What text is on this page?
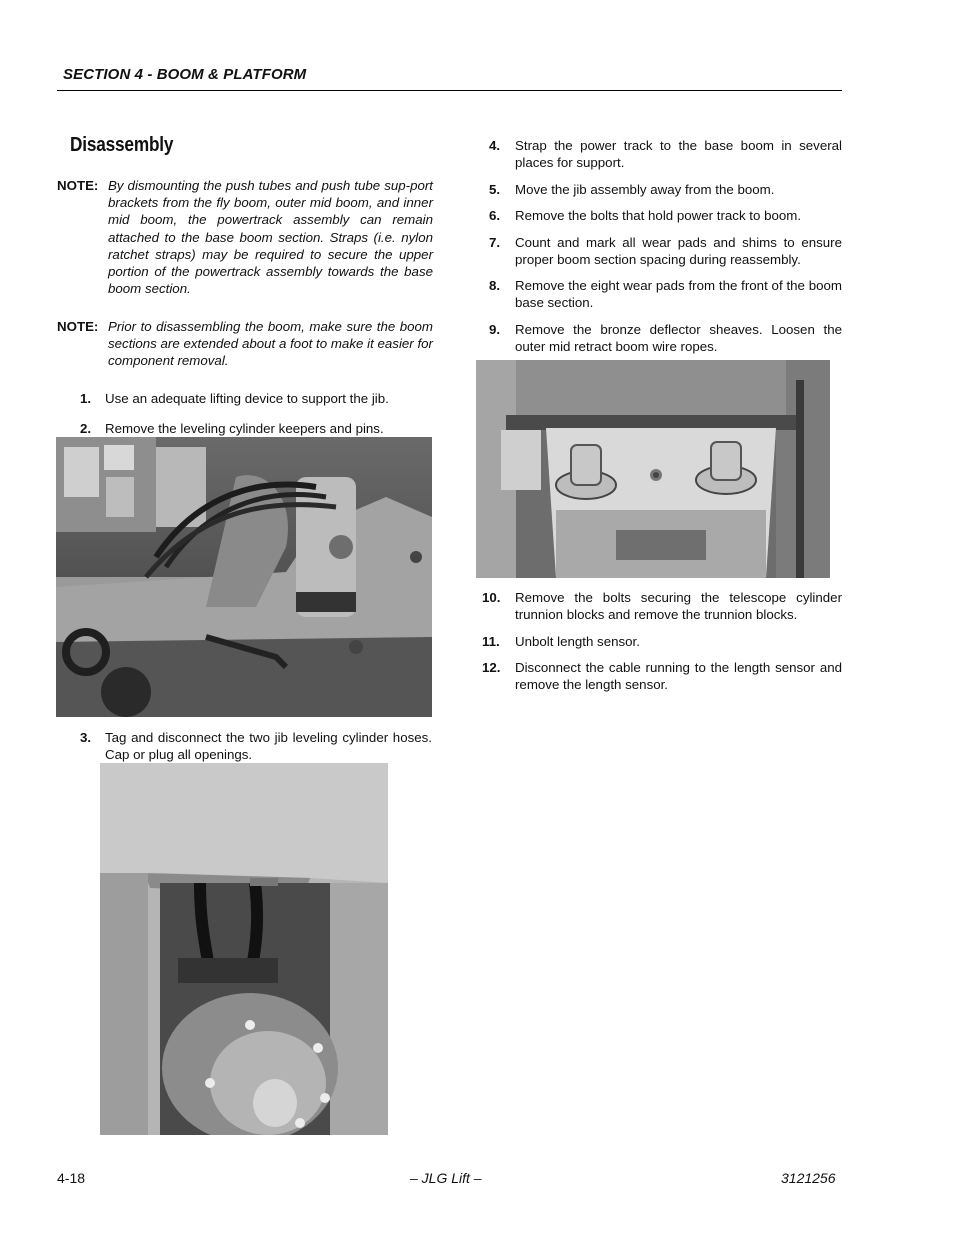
SECTION 4 - BOOM & PLATFORM
Disassembly
NOTE: By dismounting the push tubes and push tube sup-port brackets from the fly boom, outer mid boom, and inner mid boom, the powertrack assembly can remain attached to the base boom section. Straps (i.e. nylon ratchet straps) may be required to secure the upper portion of the powertrack assembly towards the base boom section.
NOTE: Prior to disassembling the boom, make sure the boom sections are extended about a foot to make it easier for component removal.
1. Use an adequate lifting device to support the jib.
2. Remove the leveling cylinder keepers and pins.
3. Tag and disconnect the two jib leveling cylinder hoses. Cap or plug all openings.
4. Strap the power track to the base boom in several places for support.
5. Move the jib assembly away from the boom.
6. Remove the bolts that hold power track to boom.
7. Count and mark all wear pads and shims to ensure proper boom section spacing during reassembly.
8. Remove the eight wear pads from the front of the boom base section.
9. Remove the bronze deflector sheaves. Loosen the outer mid retract boom wire ropes.
10. Remove the bolts securing the telescope cylinder trunnion blocks and remove the trunnion blocks.
11. Unbolt length sensor.
12. Disconnect the cable running to the length sensor and remove the length sensor.
4-18	– JLG Lift –	3121256
